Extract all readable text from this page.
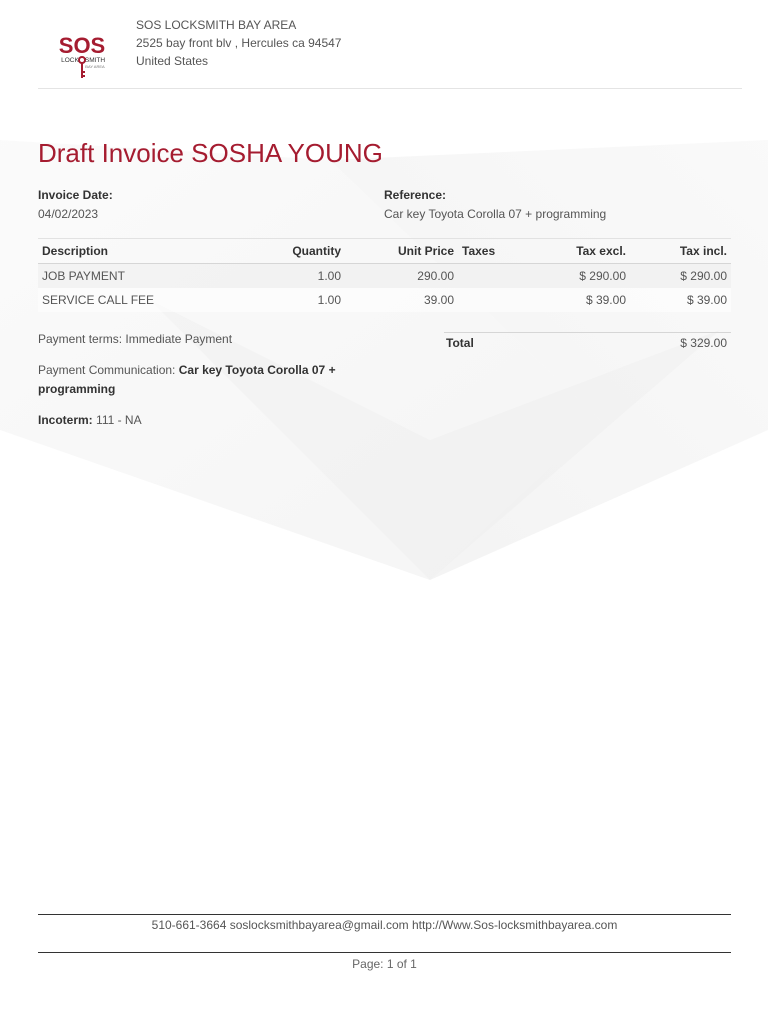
SOS
LOCK SMITH
BAY AREA
SOS LOCKSMITH BAY AREA
2525 bay front blv , Hercules ca 94547
United States
Draft Invoice SOSHA YOUNG
Invoice Date:
04/02/2023
Reference:
Car key Toyota Corolla 07 + programming
Description	Quantity	Unit Price	Taxes	Tax excl.	Tax incl.
JOB PAYMENT	1.00	290.00		$ 290.00	$ 290.00
SERVICE CALL FEE	1.00	39.00		$ 39.00	$ 39.00

Payment terms: Immediate Payment

Payment Communication: Car key Toyota Corolla 07 + programming

Incoterm: 111 - NA

Total	$ 329.00
510-661-3664 soslocksmithbayarea@gmail.com http://Www.Sos-locksmithbayarea.com
Page: 1 of 1
